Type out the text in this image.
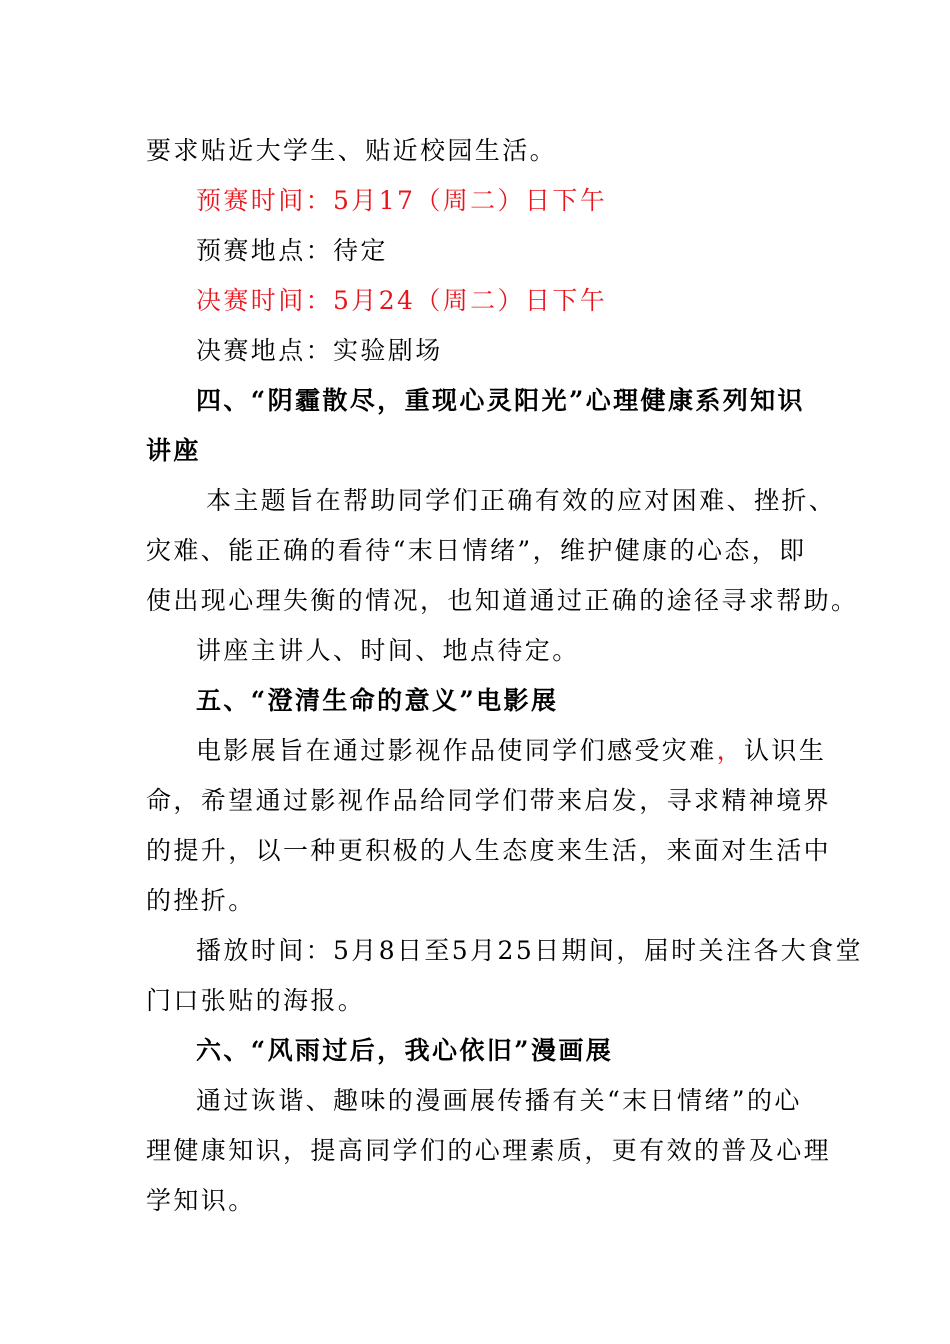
要求贴近大学生、贴近校园生活。
预赛时间：5月17（周二）日下午
预赛地点：待定
决赛时间：5月24（周二）日下午
决赛地点：实验剧场
四、“阴霾散尽，重现心灵阳光”心理健康系列知识
讲座
本主题旨在帮助同学们正确有效的应对困难、挫折、
灾难、能正确的看待“末日情绪”，维护健康的心态，即
使出现心理失衡的情况，也知道通过正确的途径寻求帮助。
讲座主讲人、时间、地点待定。
五、“澄清生命的意义”电影展
电影展旨在通过影视作品使同学们感受灾难，认识生
命，希望通过影视作品给同学们带来启发，寻求精神境界
的提升，以一种更积极的人生态度来生活，来面对生活中
的挫折。
播放时间：5月8日至5月25日期间，届时关注各大食堂
门口张贴的海报。
六、“风雨过后，我心依旧”漫画展
通过诙谐、趣味的漫画展传播有关“末日情绪”的心
理健康知识，提高同学们的心理素质，更有效的普及心理
学知识。
